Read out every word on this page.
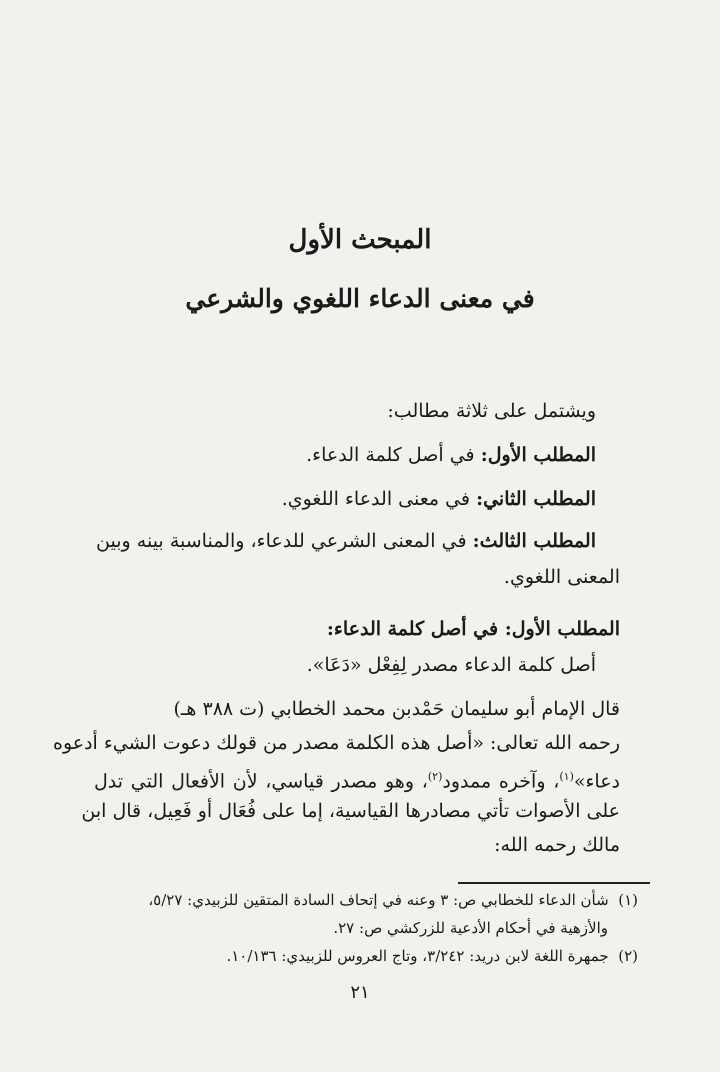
المبحث الأول
في معنى الدعاء اللغوي والشرعي
ويشتمل على ثلاثة مطالب:
المطلب الأول: في أصل كلمة الدعاء.
المطلب الثاني: في معنى الدعاء اللغوي.
المطلب الثالث: في المعنى الشرعي للدعاء، والمناسبة بينه وبين
المعنى اللغوي.
المطلب الأول: في أصل كلمة الدعاء:
أصل كلمة الدعاء مصدر لِفِعْل «دَعَا».
قال الإمام أبو سليمان حَمْدبن محمد الخطابي (ت ٣٨٨ هـ)
رحمه الله تعالى: «أصل هذه الكلمة مصدر من قولك دعوت الشيء أدعوه
دعاء»$^{(١)}$، وآخره ممدود$^{(٢)}$، وهو مصدر قياسي، لأن الأفعال التي تدل
على الأصوات تأتي مصادرها القياسية، إما على فُعَال أو فَعِيل، قال ابن
مالك رحمه الله:
(١)  شأن الدعاء للخطابي ص: ٣ وعنه في إتحاف السادة المتقين للزبيدي: ٥/٢٧،
والأزهية في أحكام الأدعية للزركشي ص: ٢٧.
(٢)  جمهرة اللغة لابن دريد: ٣/٢٤٢، وتاج العروس للزبيدي: ١٠/١٣٦.
٢١
